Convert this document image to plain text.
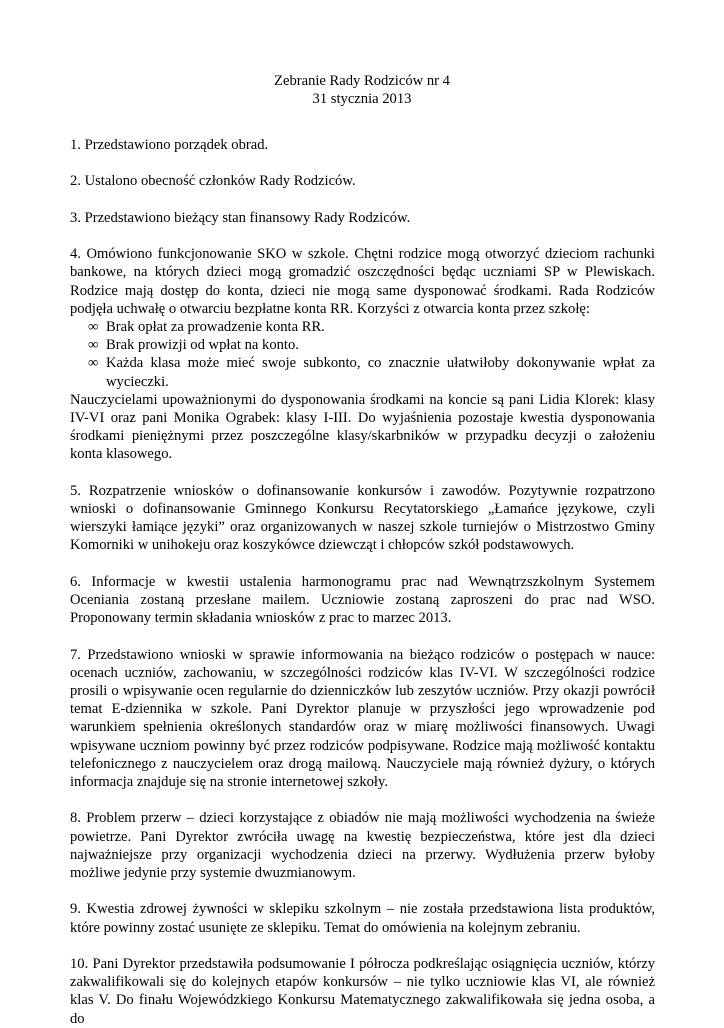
Zebranie Rady Rodziców nr 4
31 stycznia 2013

1. Przedstawiono porządek obrad.

2. Ustalono obecność członków Rady Rodziców.

3. Przedstawiono bieżący stan finansowy Rady Rodziców.

4. Omówiono funkcjonowanie SKO w szkole. Chętni rodzice mogą otworzyć dzieciom rachunki bankowe, na których dzieci mogą gromadzić oszczędności będąc uczniami SP w Plewiskach. Rodzice mają dostęp do konta, dzieci nie mogą same dysponować środkami. Rada Rodziców podjęła uchwałę o otwarciu bezpłatne konta RR. Korzyści z otwarcia konta przez szkołę:

∞ Brak opłat za prowadzenie konta RR.
∞ Brak prowizji od wpłat na konto.
∞ Każda klasa może mieć swoje subkonto, co znacznie ułatwiłoby dokonywanie wpłat za wycieczki.

Nauczycielami upoważnionymi do dysponowania środkami na koncie są pani Lidia Klorek: klasy IV-VI oraz pani Monika Ograbek: klasy I-III. Do wyjaśnienia pozostaje kwestia dysponowania środkami pieniężnymi przez poszczególne klasy/skarbników w przypadku decyzji o założeniu konta klasowego.

5. Rozpatrzenie wniosków o dofinansowanie konkursów i zawodów. Pozytywnie rozpatrzono wnioski o dofinansowanie Gminnego Konkursu Recytatorskiego „Łamańce językowe, czyli wierszyki łamiące języki” oraz organizowanych w naszej szkole turniejów o Mistrzostwo Gminy Komorniki w unihokeju oraz koszykówce dziewcząt i chłopców szkół podstawowych.

6. Informacje w kwestii ustalenia harmonogramu prac nad Wewnątrzszkolnym Systemem Oceniania zostaną przesłane mailem. Uczniowie zostaną zaproszeni do prac nad WSO. Proponowany termin składania wniosków z prac to marzec 2013.

7. Przedstawiono wnioski w sprawie informowania na bieżąco rodziców o postępach w nauce: ocenach uczniów, zachowaniu, w szczególności rodziców klas IV-VI. W szczególności rodzice prosili o wpisywanie ocen regularnie do dzienniczków lub zeszytów uczniów. Przy okazji powrócił temat E-dziennika w szkole. Pani Dyrektor planuje w przyszłości jego wprowadzenie pod warunkiem spełnienia określonych standardów oraz w miarę możliwości finansowych. Uwagi wpisywane uczniom powinny być przez rodziców podpisywane. Rodzice mają możliwość kontaktu telefonicznego z nauczycielem oraz drogą mailową. Nauczyciele mają również dyżury, o których informacja znajduje się na stronie internetowej szkoły.

8. Problem przerw – dzieci korzystające z obiadów nie mają możliwości wychodzenia na świeże powietrze. Pani Dyrektor zwróciła uwagę na kwestię bezpieczeństwa, które jest dla dzieci najważniejsze przy organizacji wychodzenia dzieci na przerwy. Wydłużenia przerw byłoby możliwe jedynie przy systemie dwuzmianowym.

9. Kwestia zdrowej żywności w sklepiku szkolnym – nie została przedstawiona lista produktów, które powinny zostać usunięte ze sklepiku. Temat do omówienia na kolejnym zebraniu.

10. Pani Dyrektor przedstawiła podsumowanie I półrocza podkreślając osiągnięcia uczniów, którzy zakwalifikowali się do kolejnych etapów konkursów – nie tylko uczniowie klas VI, ale również klas V. Do finału Wojewódzkiego Konkursu Matematycznego zakwalifikowała się jedna osoba, a do
